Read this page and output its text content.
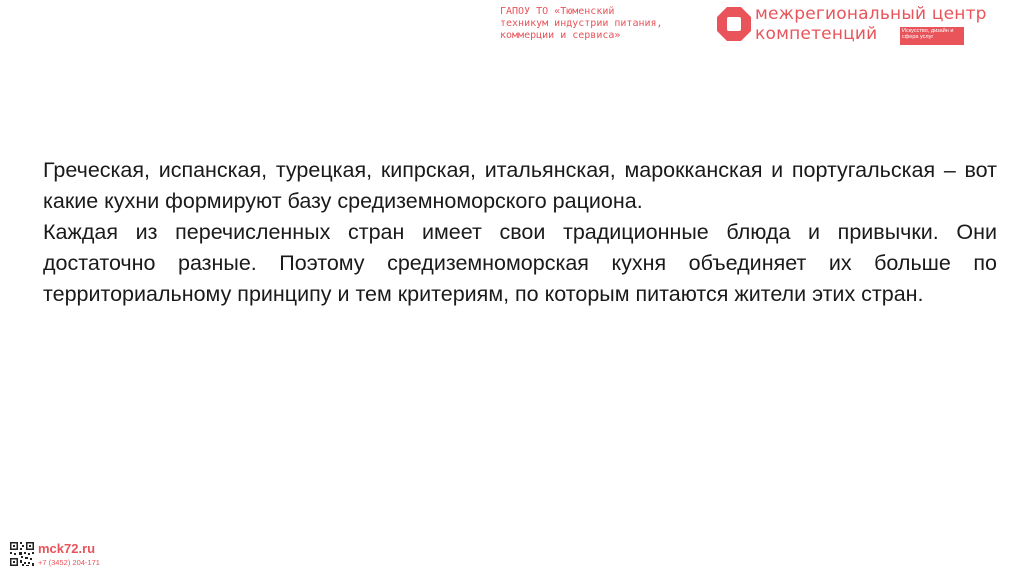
ГАПОУ ТО «Тюменский
техникум индустрии питания,
коммерции и сервиса»
межрегиональный центр
компетенций	Искусство, дизайн и сфера услуг

Греческая, испанская, турецкая, кипрская, итальянская, марокканская и португальская – вот какие кухни формируют базу средиземноморского рациона.

Каждая из перечисленных стран имеет свои традиционные блюда и привычки. Они достаточно разные. Поэтому средиземноморская кухня объединяет их больше по территориальному принципу и тем критериям, по которым питаются жители этих стран.

mck72.ru
+7 (3452) 204-171
